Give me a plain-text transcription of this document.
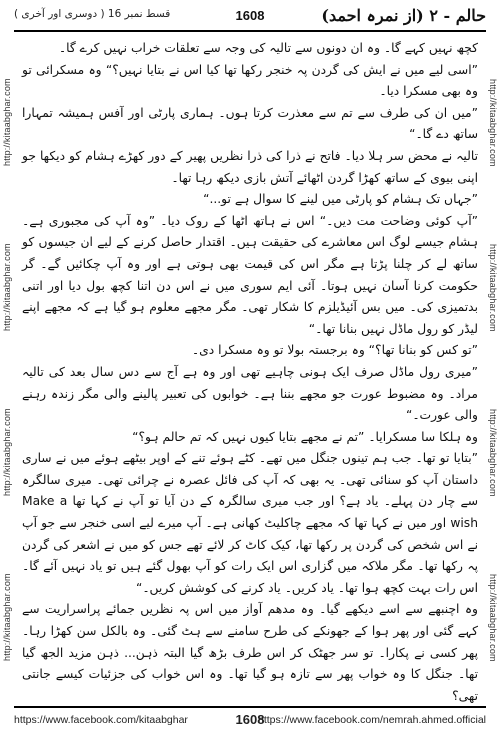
قسط نمبر 16 ( دوسری اور آخری )	1608	حالم - ۲ (از نمرہ احمد)
http://kitaabghar.com
http://kitaabghar.com
http://kitaabghar.com
http://kitaabghar.com	http://kitaabghar.com
http://kitaabghar.com
http://kitaabghar.com
http://kitaabghar.com

کچھ نہیں کہے گا۔ وہ ان دونوں سے تالیہ کی وجہ سے تعلقات خراب نہیں کرے گا۔

”اسی لیے میں نے ایش کی گردن پہ خنجر رکھا تھا کیا اس نے بتایا نہیں؟“ وہ مسکرائی تو وہ بھی مسکرا دیا۔

”میں ان کی طرف سے تم سے معذرت کرتا ہوں۔ ہماری پارٹی اور آفس ہمیشہ تمہارا ساتھ دے گا۔“

تالیہ نے محض سر ہلا دیا۔ فاتح نے ذرا کی ذرا نظریں پھیر کے دور کھڑے ہشام کو دیکھا جو اپنی بیوی کے ساتھ کھڑا گردن اٹھائے آتش بازی دیکھ رہا تھا۔

”جہاں تک ہشام کو پارٹی میں لینے کا سوال ہے تو...“

”آپ کوئی وضاحت مت دیں۔“ اس نے ہاتھ اٹھا کے روک دیا۔ ”وہ آپ کی مجبوری ہے۔ ہشام جیسے لوگ اس معاشرے کی حقیقت ہیں۔ اقتدار حاصل کرنے کے لیے ان جیسوں کو ساتھ لے کر چلنا پڑتا ہے مگر اس کی قیمت بھی ہوتی ہے اور وہ آپ چکائیں گے۔ گر حکومت کرنا آسان نہیں ہوتا۔ آئی ایم سوری میں نے اس دن اتنا کچھ بول دیا اور اتنی بدتمیزی کی۔ میں بس آئیڈیلزم کا شکار تھی۔ مگر مجھے معلوم ہو گیا ہے کہ مجھے اپنے لیڈر کو رول ماڈل نہیں بنانا تھا۔“

”تو کس کو بنانا تھا؟“ وہ برجستہ بولا تو وہ مسکرا دی۔

”میری رول ماڈل صرف ایک ہونی چاہیے تھی اور وہ ہے آج سے دس سال بعد کی تالیہ مراد۔ وہ مضبوط عورت جو مجھے بننا ہے۔ خوابوں کی تعبیر پالینے والی مگر زندہ رہنے والی عورت۔“

وہ ہلکا سا مسکرایا۔ ”تم نے مجھے بتایا کیوں نہیں کہ تم حالم ہو؟“

”بتایا تو تھا۔ جب ہم تینوں جنگل میں تھے۔ کٹے ہوئے تنے کے اوپر بیٹھے ہوئے میں نے ساری داستان آپ کو سنائی تھی۔ یہ بھی کہ آپ کی فائل عصرہ نے چرائی تھی۔ میری سالگرہ سے چار دن پہلے۔ یاد ہے؟ اور جب میری سالگرہ کے دن آیا تو آپ نے کہا تھا Make a wish اور میں نے کہا تھا کہ مجھے چاکلیٹ کھانی ہے۔ آپ میرے لیے اسی خنجر سے جو آپ نے اس شخص کی گردن پر رکھا تھا، کیک کاٹ کر لائے تھے جس کو میں نے اشعر کی گردن پہ رکھا تھا۔ مگر ملاکہ میں گزاری اس ایک رات کو آپ بھول گئے ہیں تو یاد نہیں آئے گا۔ اس رات بہت کچھ ہوا تھا۔ یاد کریں۔ یاد کرنے کی کوشش کریں۔“

وہ اچنبھے سے اسے دیکھے گیا۔ وہ مدھم آواز میں اس پہ نظریں جمائے پراسراریت سے کہے گئی اور پھر ہوا کے جھونکے کی طرح سامنے سے ہٹ گئی۔ وہ بالکل سن کھڑا رہا۔ پھر کسی نے پکارا۔ تو سر جھٹک کر اس طرف بڑھ گیا البتہ ذہن... ذہن مزید الجھ گیا تھا۔ جنگل کا وہ خواب پھر سے تازہ ہو گیا تھا۔ وہ اس خواب کی جزئیات کیسے جانتی تھی؟

https://www.facebook.com/kitaabghar	1608
https://www.facebook.com/nemrah.ahmed.official
